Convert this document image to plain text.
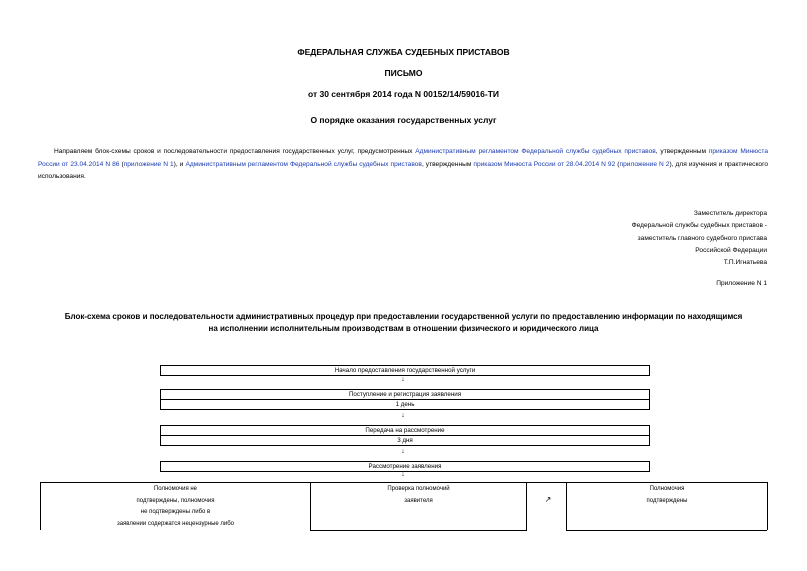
ФЕДЕРАЛЬНАЯ СЛУЖБА СУДЕБНЫХ ПРИСТАВОВ
ПИСЬМО
от 30 сентября 2014 года N 00152/14/59016-ТИ
О порядке оказания государственных услуг
Направляем блок-схемы сроков и последовательности предоставления государственных услуг, предусмотренных Административным регламентом Федеральной службы судебных приставов, утвержденным приказом Минюста России от 23.04.2014 N 86 (приложение N 1), и Административным регламентом Федеральной службы судебных приставов, утвержденным приказом Минюста России от 28.04.2014 N 92 (приложение N 2), для изучения и практического использования.
Заместитель директора
Федеральной службы судебных приставов -
заместитель главного судебного пристава
Российской Федерации
Т.П.Игнатьева
Приложение N 1
Блок-схема сроков и последовательности административных процедур при предоставлении государственной услуги по предоставлению информации по находящимся на исполнении исполнительным производствам в отношении физического и юридического лица
Начало предоставления государственной услуги
↓
Поступление и регистрация заявления
1 день
↓
Передача на рассмотрение
3 дня
↓
Рассмотрение заявления
↓
Полномочия не
подтверждены, полномочия
не подтверждены либо в
заявлении содержатся нецензурные либо
Проверка полномочий
заявителя	↗
Полномочия
подтверждены
